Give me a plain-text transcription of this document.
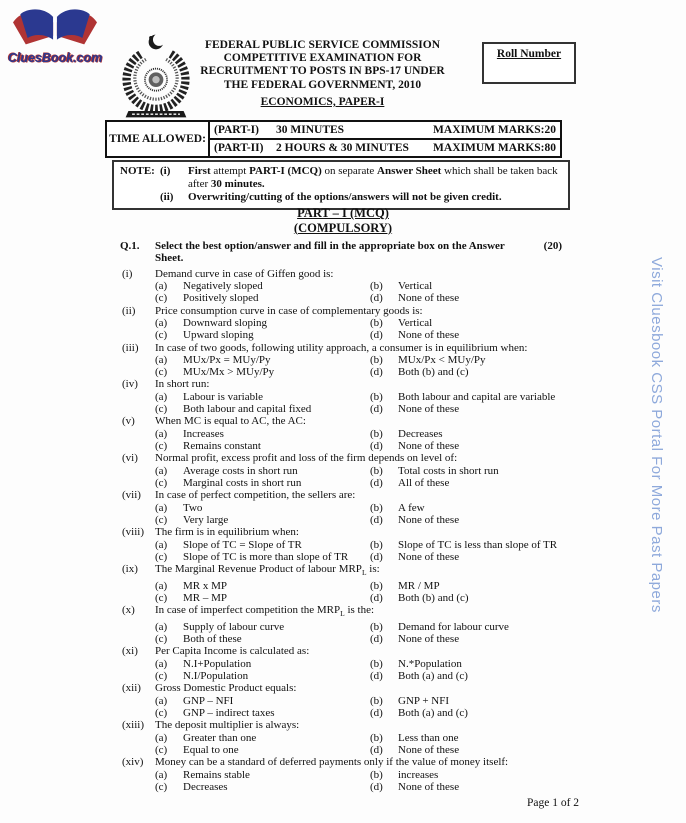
CluesBook.com
FEDERAL PUBLIC SERVICE COMMISSION
COMPETITIVE EXAMINATION FOR
RECRUITMENT TO POSTS IN BPS-17 UNDER
THE FEDERAL GOVERNMENT, 2010
ECONOMICS, PAPER-I
Roll Number
TIME ALLOWED:
(PART-I)	30 MINUTES	MAXIMUM MARKS:20
(PART-II)	2 HOURS & 30 MINUTES	MAXIMUM MARKS:80
NOTE: (i)	First attempt PART-I (MCQ) on separate Answer Sheet which shall be taken back after 30 minutes.
(ii)	Overwriting/cutting of the options/answers will not be given credit.
PART – I (MCQ)
(COMPULSORY)
Q.1.	Select the best option/answer and fill in the appropriate box on the Answer Sheet.
(20)
(i) Demand curve in case of Giffen good is:
(a)	Negatively sloped	(b)	Vertical
(c)	Positively sloped	(d)	None of these
(ii) Price consumption curve in case of complementary goods is:
(a)	Downward sloping	(b)	Vertical
(c)	Upward sloping	(d)	None of these
(iii) In case of two goods, following utility approach, a consumer is in equilibrium when:
(a)	MUx/Px = MUy/Py	(b)	MUx/Px < MUy/Py
(c)	MUx/Mx > MUy/Py	(d)	Both (b) and (c)
(iv) In short run:
(a)	Labour is variable	(b)	Both labour and capital are variable
(c)	Both labour and capital fixed	(d)	None of these
(v) When MC is equal to AC, the AC:
(a)	Increases	(b)	Decreases
(c)	Remains constant	(d)	None of these
(vi) Normal profit, excess profit and loss of the firm depends on level of:
(a)	Average costs in short run	(b)	Total costs in short run
(c)	Marginal costs in short run	(d)	All of these
(vii) In case of perfect competition, the sellers are:
(a)	Two	(b)	A few
(c)	Very large	(d)	None of these
(viii) The firm is in equilibrium when:
(a)	Slope of TC = Slope of TR	(b)	Slope of TC is less than slope of TR
(c)	Slope of TC is more than slope of TR	(d)	None of these
(ix) The Marginal Revenue Product of labour $MRP_L$ is:
(a)	MR x MP	(b)	MR / MP
(c)	MR – MP	(d)	Both (b) and (c)
(x) In case of imperfect competition the $MRP_L$ is the:
(a)	Supply of labour curve	(b)	Demand for labour curve
(c)	Both of these	(d)	None of these
(xi) Per Capita Income is calculated as:
(a)	N.I+Population	(b)	N.*Population
(c)	N.I/Population	(d)	Both (a) and (c)
(xii) Gross Domestic Product equals:
(a)	GNP – NFI	(b)	GNP + NFI
(c)	GNP – indirect taxes	(d)	Both (a) and (c)
(xiii) The deposit multiplier is always:
(a)	Greater than one	(b)	Less than one
(c)	Equal to one	(d)	None of these
(xiv) Money can be a standard of deferred payments only if the value of money itself:
(a)	Remains stable	(b)	increases
(c)	Decreases	(d)	None of these
Visit Cluesbook CSS Portal For More Past Papers
Page 1 of 2
